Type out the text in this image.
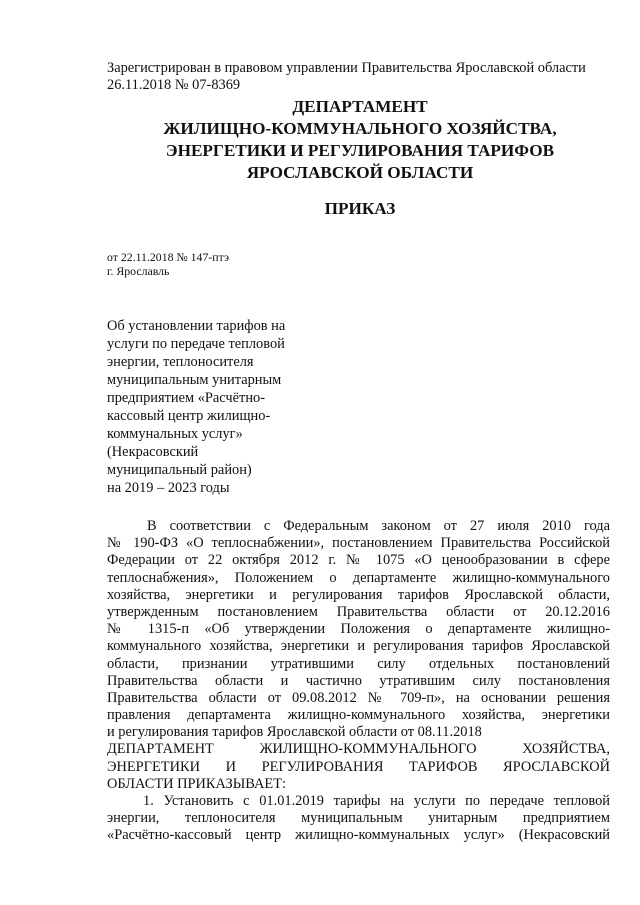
Зарегистрирован в правовом управлении Правительства Ярославской области
26.11.2018 № 07-8369
ДЕПАРТАМЕНТ
ЖИЛИЩНО-КОММУНАЛЬНОГО ХОЗЯЙСТВА,
ЭНЕРГЕТИКИ И РЕГУЛИРОВАНИЯ ТАРИФОВ
ЯРОСЛАВСКОЙ ОБЛАСТИ
ПРИКАЗ
от 22.11.2018 № 147-птэ
г. Ярославль
Об установлении тарифов на
услуги по передаче тепловой
энергии, теплоносителя
муниципальным унитарным
предприятием «Расчётно-
кассовый центр жилищно-
коммунальных услуг»
(Некрасовский
муниципальный район)
на 2019 – 2023 годы
В соответствии с Федеральным законом от 27 июля 2010 года
№ 190-ФЗ «О теплоснабжении», постановлением Правительства Российской
Федерации от 22 октября 2012 г. № 1075 «О ценообразовании в сфере
теплоснабжения», Положением о департаменте жилищно-коммунального
хозяйства, энергетики и регулирования тарифов Ярославской области,
утвержденным постановлением Правительства области от 20.12.2016
№ 1315-п «Об утверждении Положения о департаменте жилищно-
коммунального хозяйства, энергетики и регулирования тарифов Ярославской
области, признании утратившими силу отдельных постановлений
Правительства области и частично утратившим силу постановления
Правительства области от 09.08.2012 № 709-п», на основании решения
правления департамента жилищно-коммунального хозяйства, энергетики
и регулирования тарифов Ярославской области от 08.11.2018
ДЕПАРТАМЕНТ ЖИЛИЩНО-КОММУНАЛЬНОГО ХОЗЯЙСТВА,
ЭНЕРГЕТИКИ И РЕГУЛИРОВАНИЯ ТАРИФОВ ЯРОСЛАВСКОЙ
ОБЛАСТИ ПРИКАЗЫВАЕТ:
1. Установить с 01.01.2019 тарифы на услуги по передаче тепловой
энергии, теплоносителя муниципальным унитарным предприятием
«Расчётно-кассовый центр жилищно-коммунальных услуг» (Некрасовский
